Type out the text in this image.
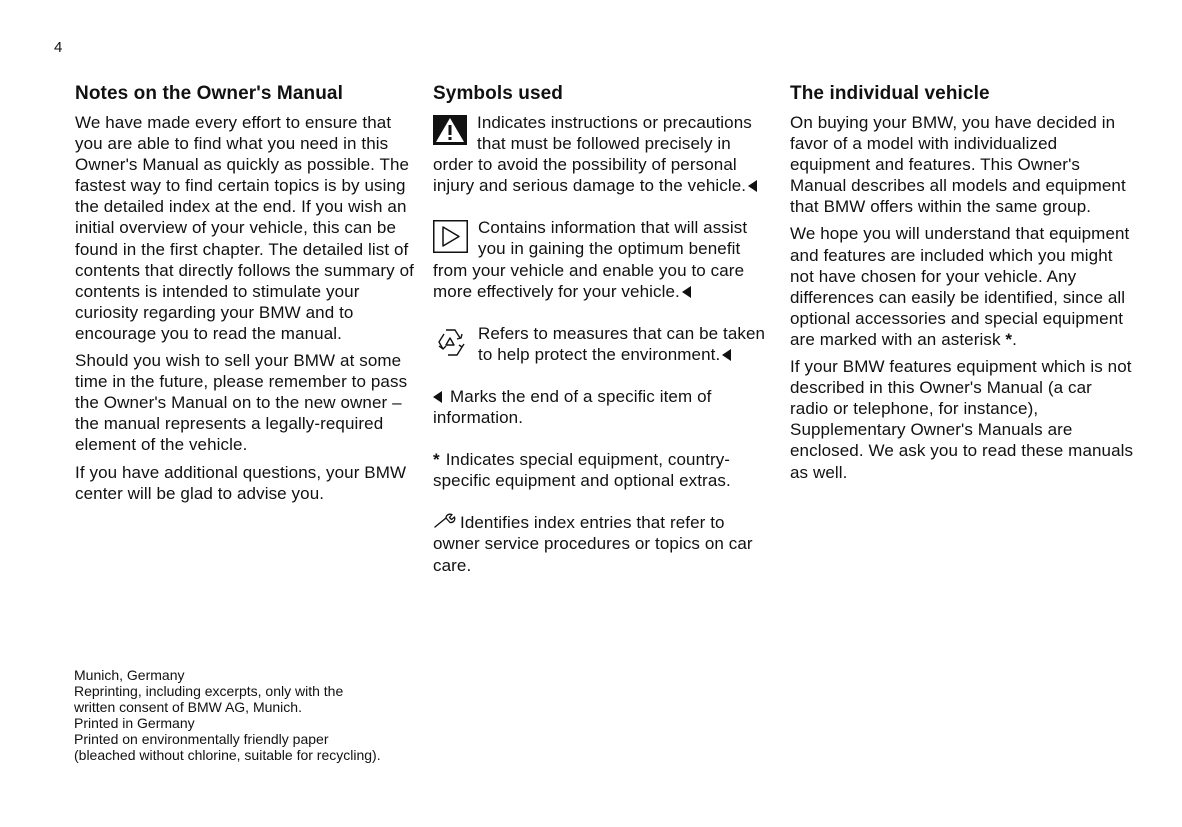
4
Notes on the Owner's Manual

We have made every effort to ensure that you are able to find what you need in this Owner's Manual as quickly as possible. The fastest way to find certain topics is by using the detailed index at the end. If you wish an initial overview of your vehicle, this can be found in the first chapter. The detailed list of contents that directly follows the summary of contents is intended to stimulate your curiosity regarding your BMW and to encourage you to read the manual.

Should you wish to sell your BMW at some time in the future, please remember to pass the Owner's Manual on to the new owner – the manual represents a legally-required element of the vehicle.

If you have additional questions, your BMW center will be glad to advise you.

Symbols used
Indicates instructions or precautions that must be followed precisely in order to avoid the possibility of personal injury and serious damage to the vehicle.
Contains information that will assist you in gaining the optimum benefit from your vehicle and enable you to care more effectively for your vehicle.
Refers to measures that can be taken to help protect the environment.
Marks the end of a specific item of information.
* Indicates special equipment, country-specific equipment and optional extras.
Identifies index entries that refer to owner service procedures or topics on car care.
The individual vehicle

On buying your BMW, you have decided in favor of a model with individualized equipment and features. This Owner's Manual describes all models and equipment that BMW offers within the same group.

We hope you will understand that equipment and features are included which you might not have chosen for your vehicle. Any differences can easily be identified, since all optional accessories and special equipment are marked with an asterisk *.

If your BMW features equipment which is not described in this Owner's Manual (a car radio or telephone, for instance), Supplementary Owner's Manuals are enclosed. We ask you to read these manuals as well.

Munich, Germany
Reprinting, including excerpts, only with the
written consent of BMW AG, Munich.
Printed in Germany
Printed on environmentally friendly paper
(bleached without chlorine, suitable for recycling).
